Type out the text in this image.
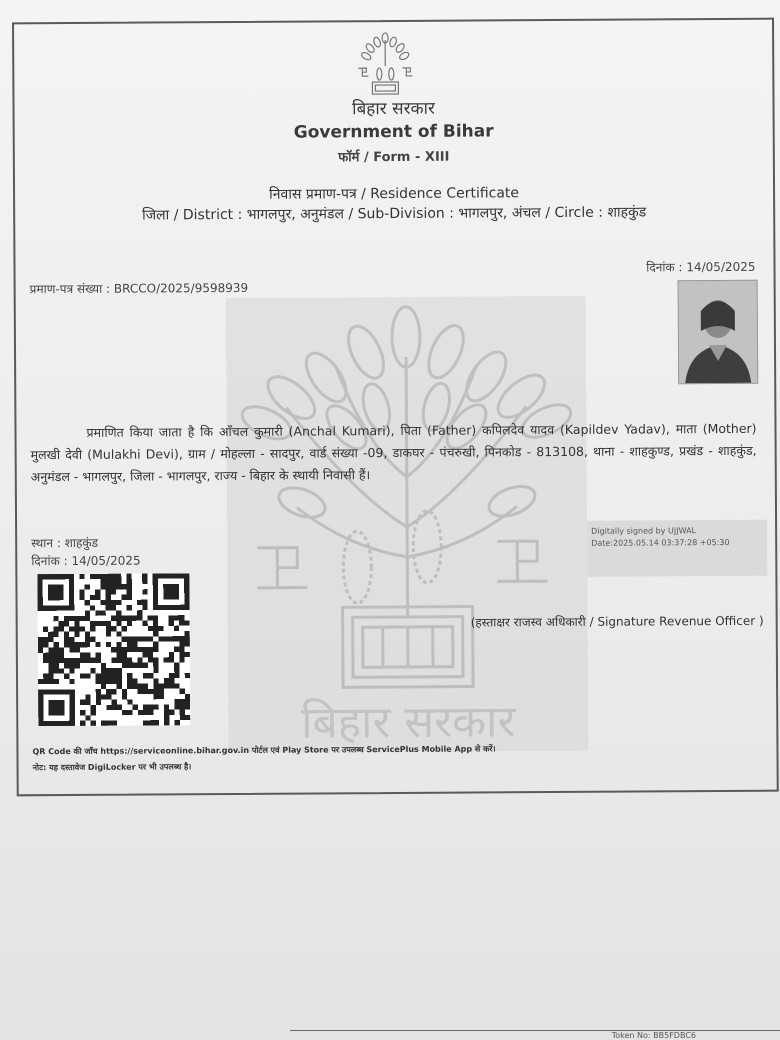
बिहार सरकार
बिहार सरकार
Government of Bihar
फॉर्म / Form - XIII
निवास प्रमाण-पत्र / Residence Certificate
जिला / District : भागलपुर, अनुमंडल / Sub-Division : भागलपुर, अंचल / Circle : शाहकुंड
दिनांक : 14/05/2025
प्रमाण-पत्र संख्या : BRCCO/2025/9598939
प्रमाणित किया जाता है कि आँचल कुमारी (Anchal Kumari), पिता (Father) कपिलदेव यादव (Kapildev Yadav), माता (Mother) मुलखी देवी (Mulakhi Devi), ग्राम / मोहल्ला - सादपुर, वार्ड संख्या -09, डाकघर - पंचरुखी, पिनकोड - 813108, थाना - शाहकुण्ड, प्रखंड - शाहकुंड, अनुमंडल - भागलपुर, जिला - भागलपुर, राज्य - बिहार के स्थायी निवासी हैं।
स्थान : शाहकुंड
दिनांक : 14/05/2025
Digitally signed by UJJWAL
Date:2025.05.14 03:37:28 +05:30
(हस्ताक्षर राजस्व अधिकारी / Signature Revenue Officer )
QR Code की जाँच https://serviceonline.bihar.gov.in पोर्टल एवं Play Store पर उपलब्ध ServicePlus Mobile App से करें।
नोट: यह दस्तावेज DigiLocker पर भी उपलब्ध है।
Token No: BB5FDBC6
